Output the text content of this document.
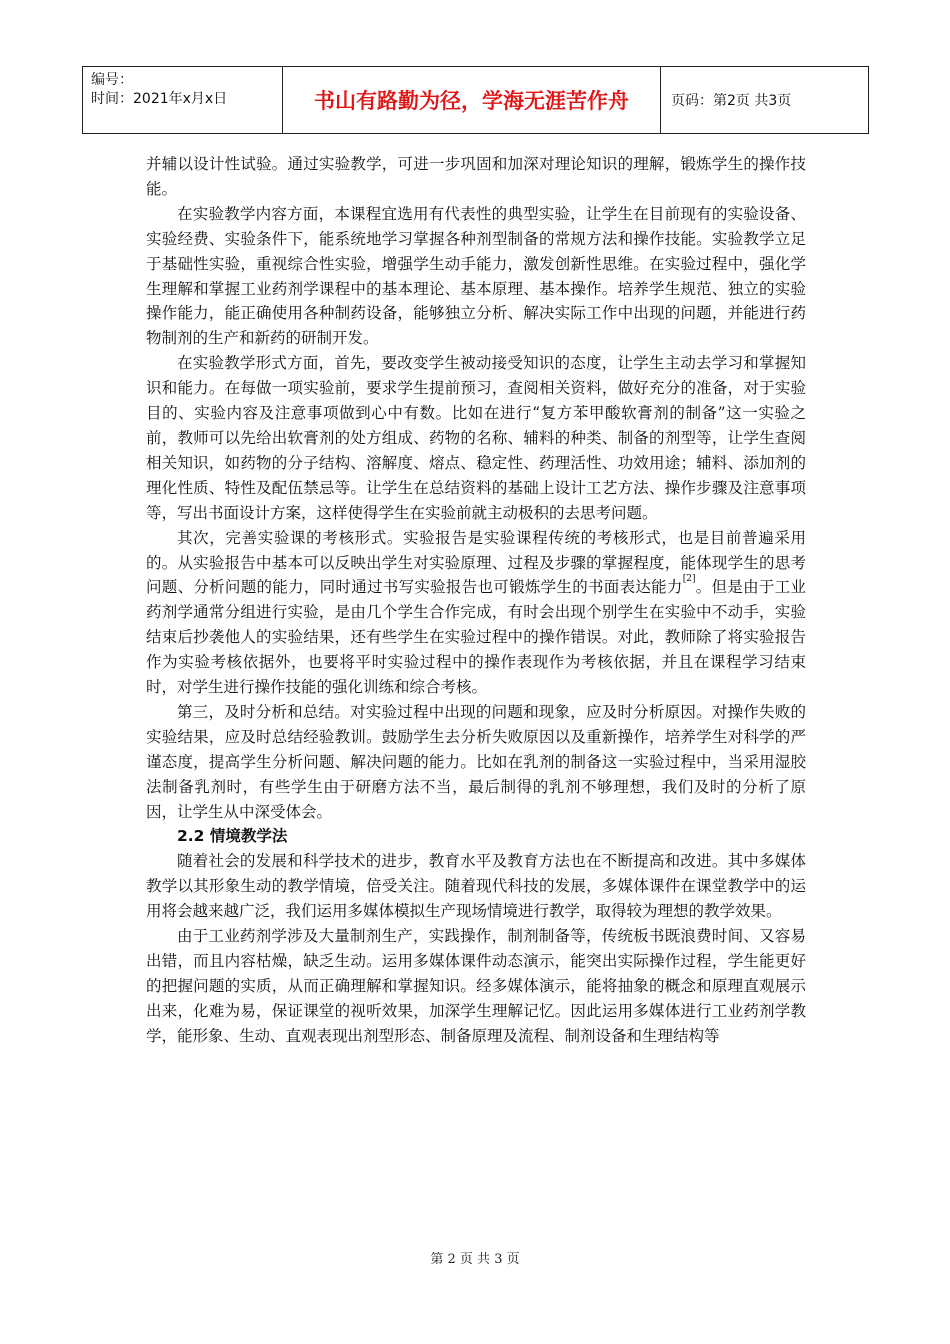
编号：
时间：2021年x月x日	书山有路勤为径，学海无涯苦作舟	页码：第2页 共3页

并辅以设计性试验。通过实验教学，可进一步巩固和加深对理论知识的理解，锻炼学生的操作技能。

在实验教学内容方面，本课程宜选用有代表性的典型实验，让学生在目前现有的实验设备、实验经费、实验条件下，能系统地学习掌握各种剂型制备的常规方法和操作技能。实验教学立足于基础性实验，重视综合性实验，增强学生动手能力，激发创新性思维。在实验过程中，强化学生理解和掌握工业药剂学课程中的基本理论、基本原理、基本操作。培养学生规范、独立的实验操作能力，能正确使用各种制药设备，能够独立分析、解决实际工作中出现的问题，并能进行药物制剂的生产和新药的研制开发。

在实验教学形式方面，首先，要改变学生被动接受知识的态度，让学生主动去学习和掌握知识和能力。在每做一项实验前，要求学生提前预习，查阅相关资料，做好充分的准备，对于实验目的、实验内容及注意事项做到心中有数。比如在进行“复方苯甲酸软膏剂的制备”这一实验之前，教师可以先给出软膏剂的处方组成、药物的名称、辅料的种类、制备的剂型等，让学生查阅相关知识，如药物的分子结构、溶解度、熔点、稳定性、药理活性、功效用途；辅料、添加剂的理化性质、特性及配伍禁忌等。让学生在总结资料的基础上设计工艺方法、操作步骤及注意事项等，写出书面设计方案，这样使得学生在实验前就主动极积的去思考问题。

其次，完善实验课的考核形式。实验报告是实验课程传统的考核形式，也是目前普遍采用的。从实验报告中基本可以反映出学生对实验原理、过程及步骤的掌握程度，能体现学生的思考问题、分析问题的能力，同时通过书写实验报告也可锻炼学生的书面表达能力[2]。但是由于工业药剂学通常分组进行实验，是由几个学生合作完成，有时会出现个别学生在实验中不动手，实验结束后抄袭他人的实验结果，还有些学生在实验过程中的操作错误。对此，教师除了将实验报告作为实验考核依据外，也要将平时实验过程中的操作表现作为考核依据，并且在课程学习结束时，对学生进行操作技能的强化训练和综合考核。

第三，及时分析和总结。对实验过程中出现的问题和现象，应及时分析原因。对操作失败的实验结果，应及时总结经验教训。鼓励学生去分析失败原因以及重新操作，培养学生对科学的严谨态度，提高学生分析问题、解决问题的能力。比如在乳剂的制备这一实验过程中，当采用湿胶法制备乳剂时，有些学生由于研磨方法不当，最后制得的乳剂不够理想，我们及时的分析了原因，让学生从中深受体会。

2.2 情境教学法

随着社会的发展和科学技术的进步，教育水平及教育方法也在不断提高和改进。其中多媒体教学以其形象生动的教学情境，倍受关注。随着现代科技的发展，多媒体课件在课堂教学中的运用将会越来越广泛，我们运用多媒体模拟生产现场情境进行教学，取得较为理想的教学效果。

由于工业药剂学涉及大量制剂生产，实践操作，制剂制备等，传统板书既浪费时间、又容易出错，而且内容枯燥，缺乏生动。运用多媒体课件动态演示，能突出实际操作过程，学生能更好的把握问题的实质，从而正确理解和掌握知识。经多媒体演示，能将抽象的概念和原理直观展示出来，化难为易，保证课堂的视听效果，加深学生理解记忆。因此运用多媒体进行工业药剂学教学，能形象、生动、直观表现出剂型形态、制备原理及流程、制剂设备和生理结构等

第 2 页 共 3 页
